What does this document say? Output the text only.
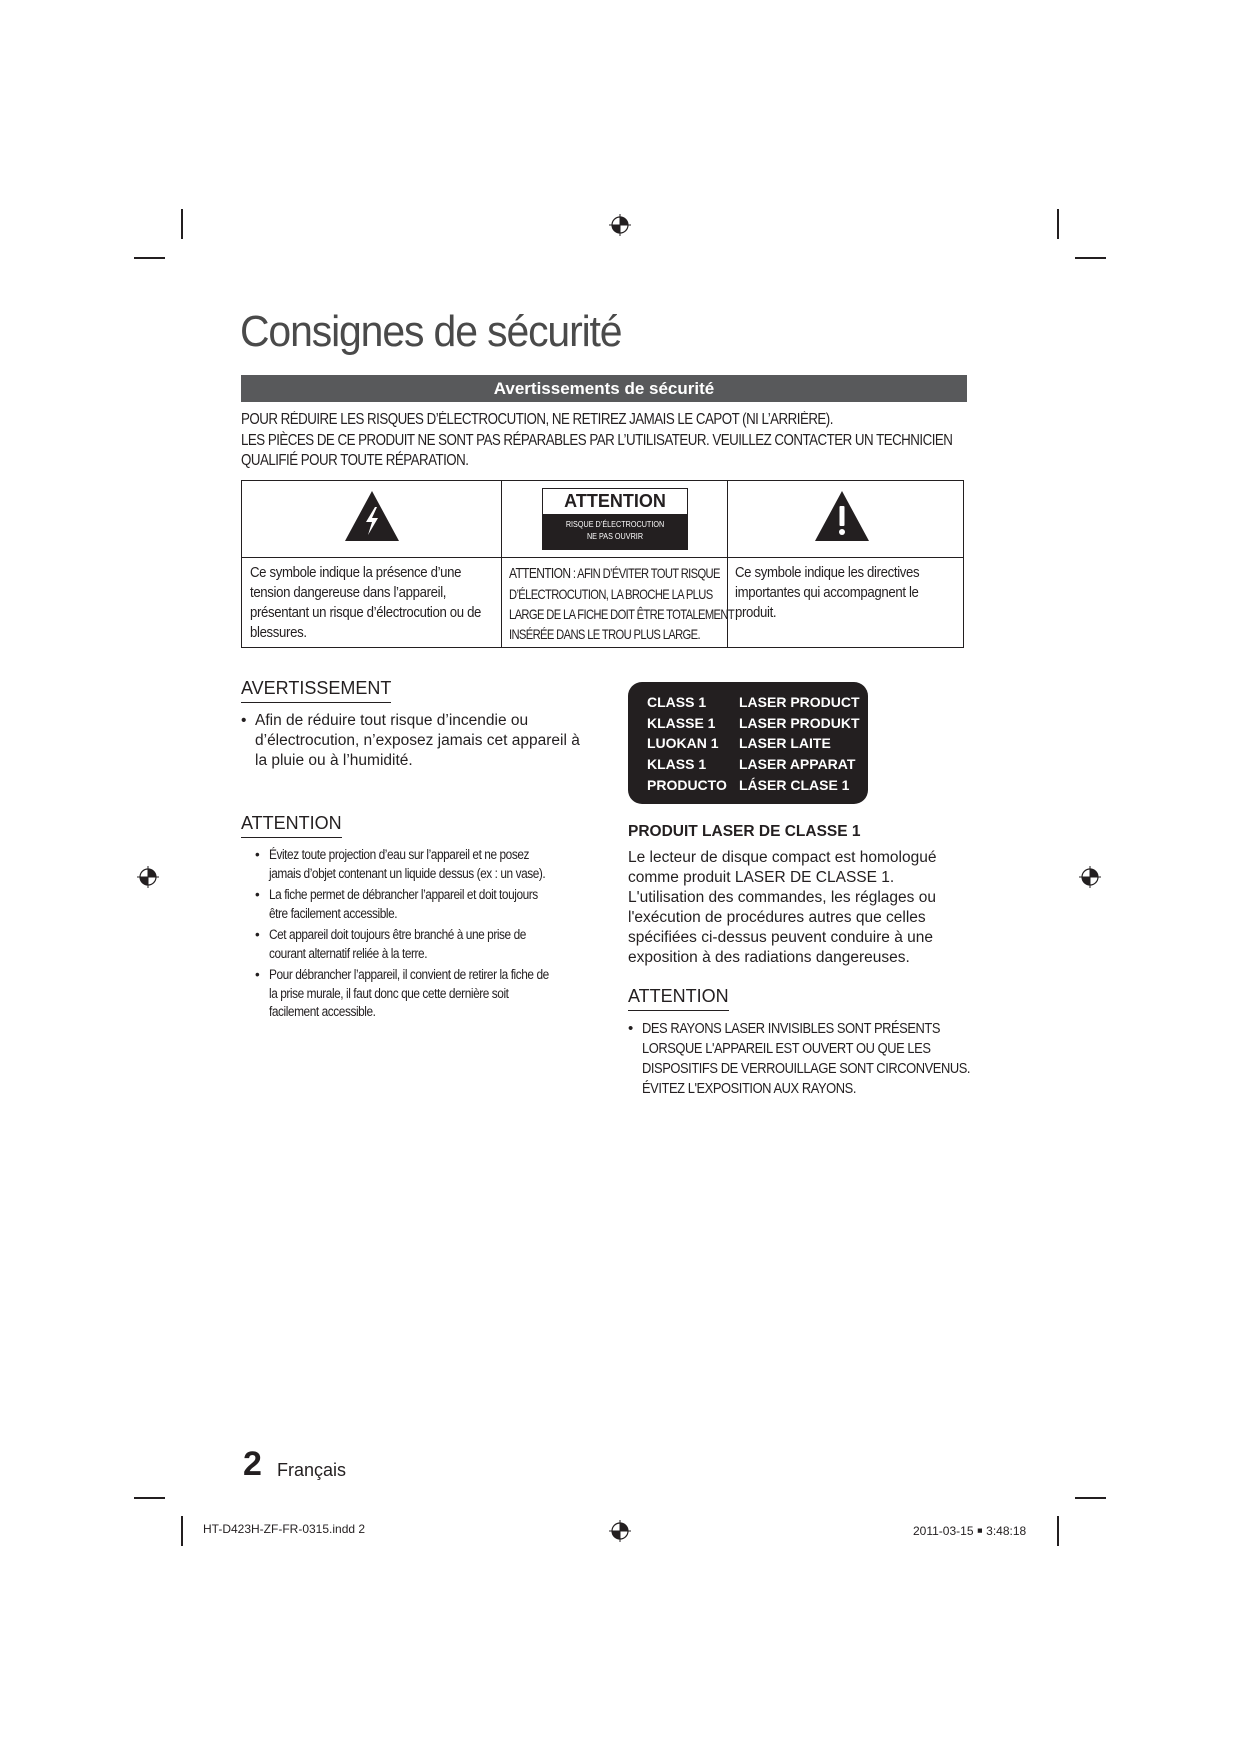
Consignes de sécurité
Avertissements de sécurité
POUR RÉDUIRE LES RISQUES D’ÉLECTROCUTION, NE RETIREZ JAMAIS LE CAPOT (NI L’ARRIÈRE).
LES PIÈCES DE CE PRODUIT NE SONT PAS RÉPARABLES PAR L’UTILISATEUR. VEUILLEZ CONTACTER UN TECHNICIEN
QUALIFIÉ POUR TOUTE RÉPARATION.
ATTENTION
RISQUE D’ÉLECTROCUTION
NE PAS OUVRIR
Ce symbole indique la présence d’une
tension dangereuse dans l’appareil,
présentant un risque d’électrocution ou de
blessures.
ATTENTION : AFIN D’ÉVITER TOUT RISQUE
D’ÉLECTROCUTION, LA BROCHE LA PLUS
LARGE DE LA FICHE DOIT ÊTRE TOTALEMENT
INSÉRÉE DANS LE TROU PLUS LARGE.
Ce symbole indique les directives
importantes qui accompagnent le
produit.
AVERTISSEMENT
• Afin de réduire tout risque d’incendie ou
d’électrocution, n’exposez jamais cet appareil à
la pluie ou à l’humidité.
ATTENTION
• Évitez toute projection d’eau sur l’appareil et ne posez
jamais d’objet contenant un liquide dessus (ex : un vase).
• La fiche permet de débrancher l’appareil et doit toujours
être facilement accessible.
• Cet appareil doit toujours être branché à une prise de
courant alternatif reliée à la terre.
• Pour débrancher l’appareil, il convient de retirer la fiche de
la prise murale, il faut donc que cette dernière soit
facilement accessible.
CLASS 1 LASER PRODUCT
KLASSE 1 LASER PRODUKT
LUOKAN 1 LASER LAITE
KLASS 1 LASER APPARAT
PRODUCTO LÁSER CLASE 1
PRODUIT LASER DE CLASSE 1
Le lecteur de disque compact est homologué
comme produit LASER DE CLASSE 1.
L'utilisation des commandes, les réglages ou
l'exécution de procédures autres que celles
spécifiées ci-dessus peuvent conduire à une
exposition à des radiations dangereuses.
ATTENTION
• DES RAYONS LASER INVISIBLES SONT PRÉSENTS
LORSQUE L'APPAREIL EST OUVERT OU QUE LES
DISPOSITIFS DE VERROUILLAGE SONT CIRCONVENUS.
ÉVITEZ L'EXPOSITION AUX RAYONS.
2 Français
HT-D423H-ZF-FR-0315.indd 2	2011-03-15 ￭ 3:48:18
